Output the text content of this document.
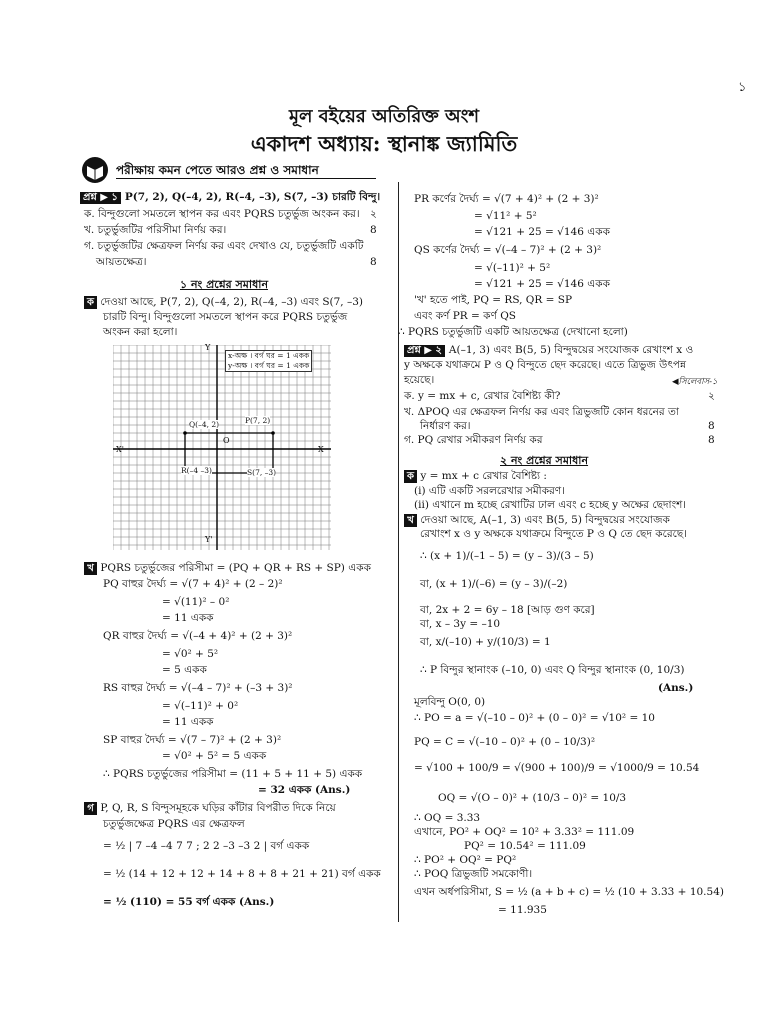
১
মূল বইয়ের অতিরিক্ত অংশ
একাদশ অধ্যায়: স্থানাঙ্ক জ্যামিতি
পরীক্ষায় কমন পেতে আরও প্রশ্ন ও সমাধান
প্রশ্ন ▶ ১ P(7, 2), Q(–4, 2), R(–4, –3), S(7, –3) চারটি বিন্দু।
ক. বিন্দুগুলো সমতলে স্থাপন কর এবং PQRS চতুর্ভুজ অংকন কর। ২
খ. চতুর্ভুজটির পরিসীমা নির্ণয় কর।	8
গ. চতুর্ভুজটির ক্ষেত্রফল নির্ণয় কর এবং দেখাও যে, চতুর্ভুজটি একটি
আয়তক্ষেত্র।	8
১ নং প্রশ্নের সমাধান
ক দেওয়া আছে, P(7, 2), Q(–4, 2), R(–4, –3) এবং S(7, –3)
চারটি বিন্দু। বিন্দুগুলো সমতলে স্থাপন করে PQRS চতুর্ভুজ
অংকন করা হলো।
x-অক্ষ । বর্গ ঘর = 1 একক
y-অক্ষ । বর্গ ঘর = 1 একক
Y
Y'
X
X'
O
P(7, 2)
Q(–4, 2)
R(–4 –3)	S(7, –3)
খ PQRS চতুর্ভুজের পরিসীমা = (PQ + QR + RS + SP) একক
PQ বাহুর দৈর্ঘ্য = √(7 + 4)² + (2 – 2)²
= √(11)² – 0²
= 11 একক
QR বাহুর দৈর্ঘ্য = √(–4 + 4)² + (2 + 3)²
= √0² + 5²
= 5 একক
RS বাহুর দৈর্ঘ্য = √(–4 – 7)² + (–3 + 3)²
= √(–11)² + 0²
= 11 একক
SP বাহুর দৈর্ঘ্য = √(7 – 7)² + (2 + 3)²
= √0² + 5² = 5 একক
∴ PQRS চতুর্ভুজের পরিসীমা = (11 + 5 + 11 + 5) একক
= 32 একক (Ans.)
গ P, Q, R, S বিন্দুসমূহকে ঘড়ির কাঁটার বিপরীত দিকে নিয়ে
চতুর্ভুজক্ষেত্র PQRS এর ক্ষেত্রফল
= ½ | 7 –4 –4 7 7 ; 2 2 –3 –3 2 | বর্গ একক
= ½ (14 + 12 + 12 + 14 + 8 + 8 + 21 + 21) বর্গ একক
= ½ (110) = 55 বর্গ একক (Ans.)
PR কর্ণের দৈর্ঘ্য = √(7 + 4)² + (2 + 3)²
= √11² + 5²
= √121 + 25 = √146 একক
QS কর্ণের দৈর্ঘ্য = √(–4 – 7)² + (2 + 3)²
= √(–11)² + 5²
= √121 + 25 = √146 একক
'খ' হতে পাই, PQ = RS, QR = SP
এবং কর্ণ PR = কর্ণ QS
∴ PQRS চতুর্ভুজটি একটি আয়তক্ষেত্র (দেখানো হলো)
প্রশ্ন ▶ ২ A(–1, 3) এবং B(5, 5) বিন্দুদ্বয়ের সংযোজক রেখাংশ x ও
y অক্ষকে যথাক্রমে P ও Q বিন্দুতে ছেদ করেছে। এতে ত্রিভুজ উৎপন্ন
হয়েছে।	◀সিলেবাস-১
ক. y = mx + c, রেখার বৈশিষ্ট্য কী?	২
খ. ΔPOQ এর ক্ষেত্রফল নির্ণয় কর এবং ত্রিভুজটি কোন ধরনের তা
নির্ধারণ কর।	8
গ. PQ রেখার সমীকরণ নির্ণয় কর	8
২ নং প্রশ্নের সমাধান
ক y = mx + c রেখার বৈশিষ্ট্য :
(i) এটি একটি সরলরেখার সমীকরণ।
(ii) এখানে m হচ্ছে রেখাটির ঢাল এবং c হচ্ছে y অক্ষের ছেদাংশ।
খ দেওয়া আছে, A(–1, 3) এবং B(5, 5) বিন্দুদ্বয়ের সংযোজক
রেখাংশ x ও y অক্ষকে যথাক্রমে বিন্দুতে P ও Q তে ছেদ করেছে।
∴ (x + 1)/(–1 – 5) = (y – 3)/(3 – 5)
বা, (x + 1)/(–6) = (y – 3)/(–2)
বা, 2x + 2 = 6y – 18 [আড় গুণ করে]
বা, x – 3y = –10
বা, x/(–10) + y/(10/3) = 1
∴ P বিন্দুর স্থানাংক (–10, 0) এবং Q বিন্দুর স্থানাংক (0, 10/3)
(Ans.)
মূলবিন্দু O(0, 0)
∴ PO = a = √(–10 – 0)² + (0 – 0)² = √10² = 10
PQ = C = √(–10 – 0)² + (0 – 10/3)²
= √100 + 100/9 = √(900 + 100)/9 = √1000/9 = 10.54
OQ = √(O – 0)² + (10/3 – 0)² = 10/3
∴ OQ = 3.33
এখানে, PO² + OQ² = 10² + 3.33² = 111.09
PQ² = 10.54² = 111.09
∴ PO² + OQ² = PQ²
∴ POQ ত্রিভুজটি সমকোণী।
এখন অর্ধপরিসীমা, S = ½ (a + b + c) = ½ (10 + 3.33 + 10.54)
= 11.935
